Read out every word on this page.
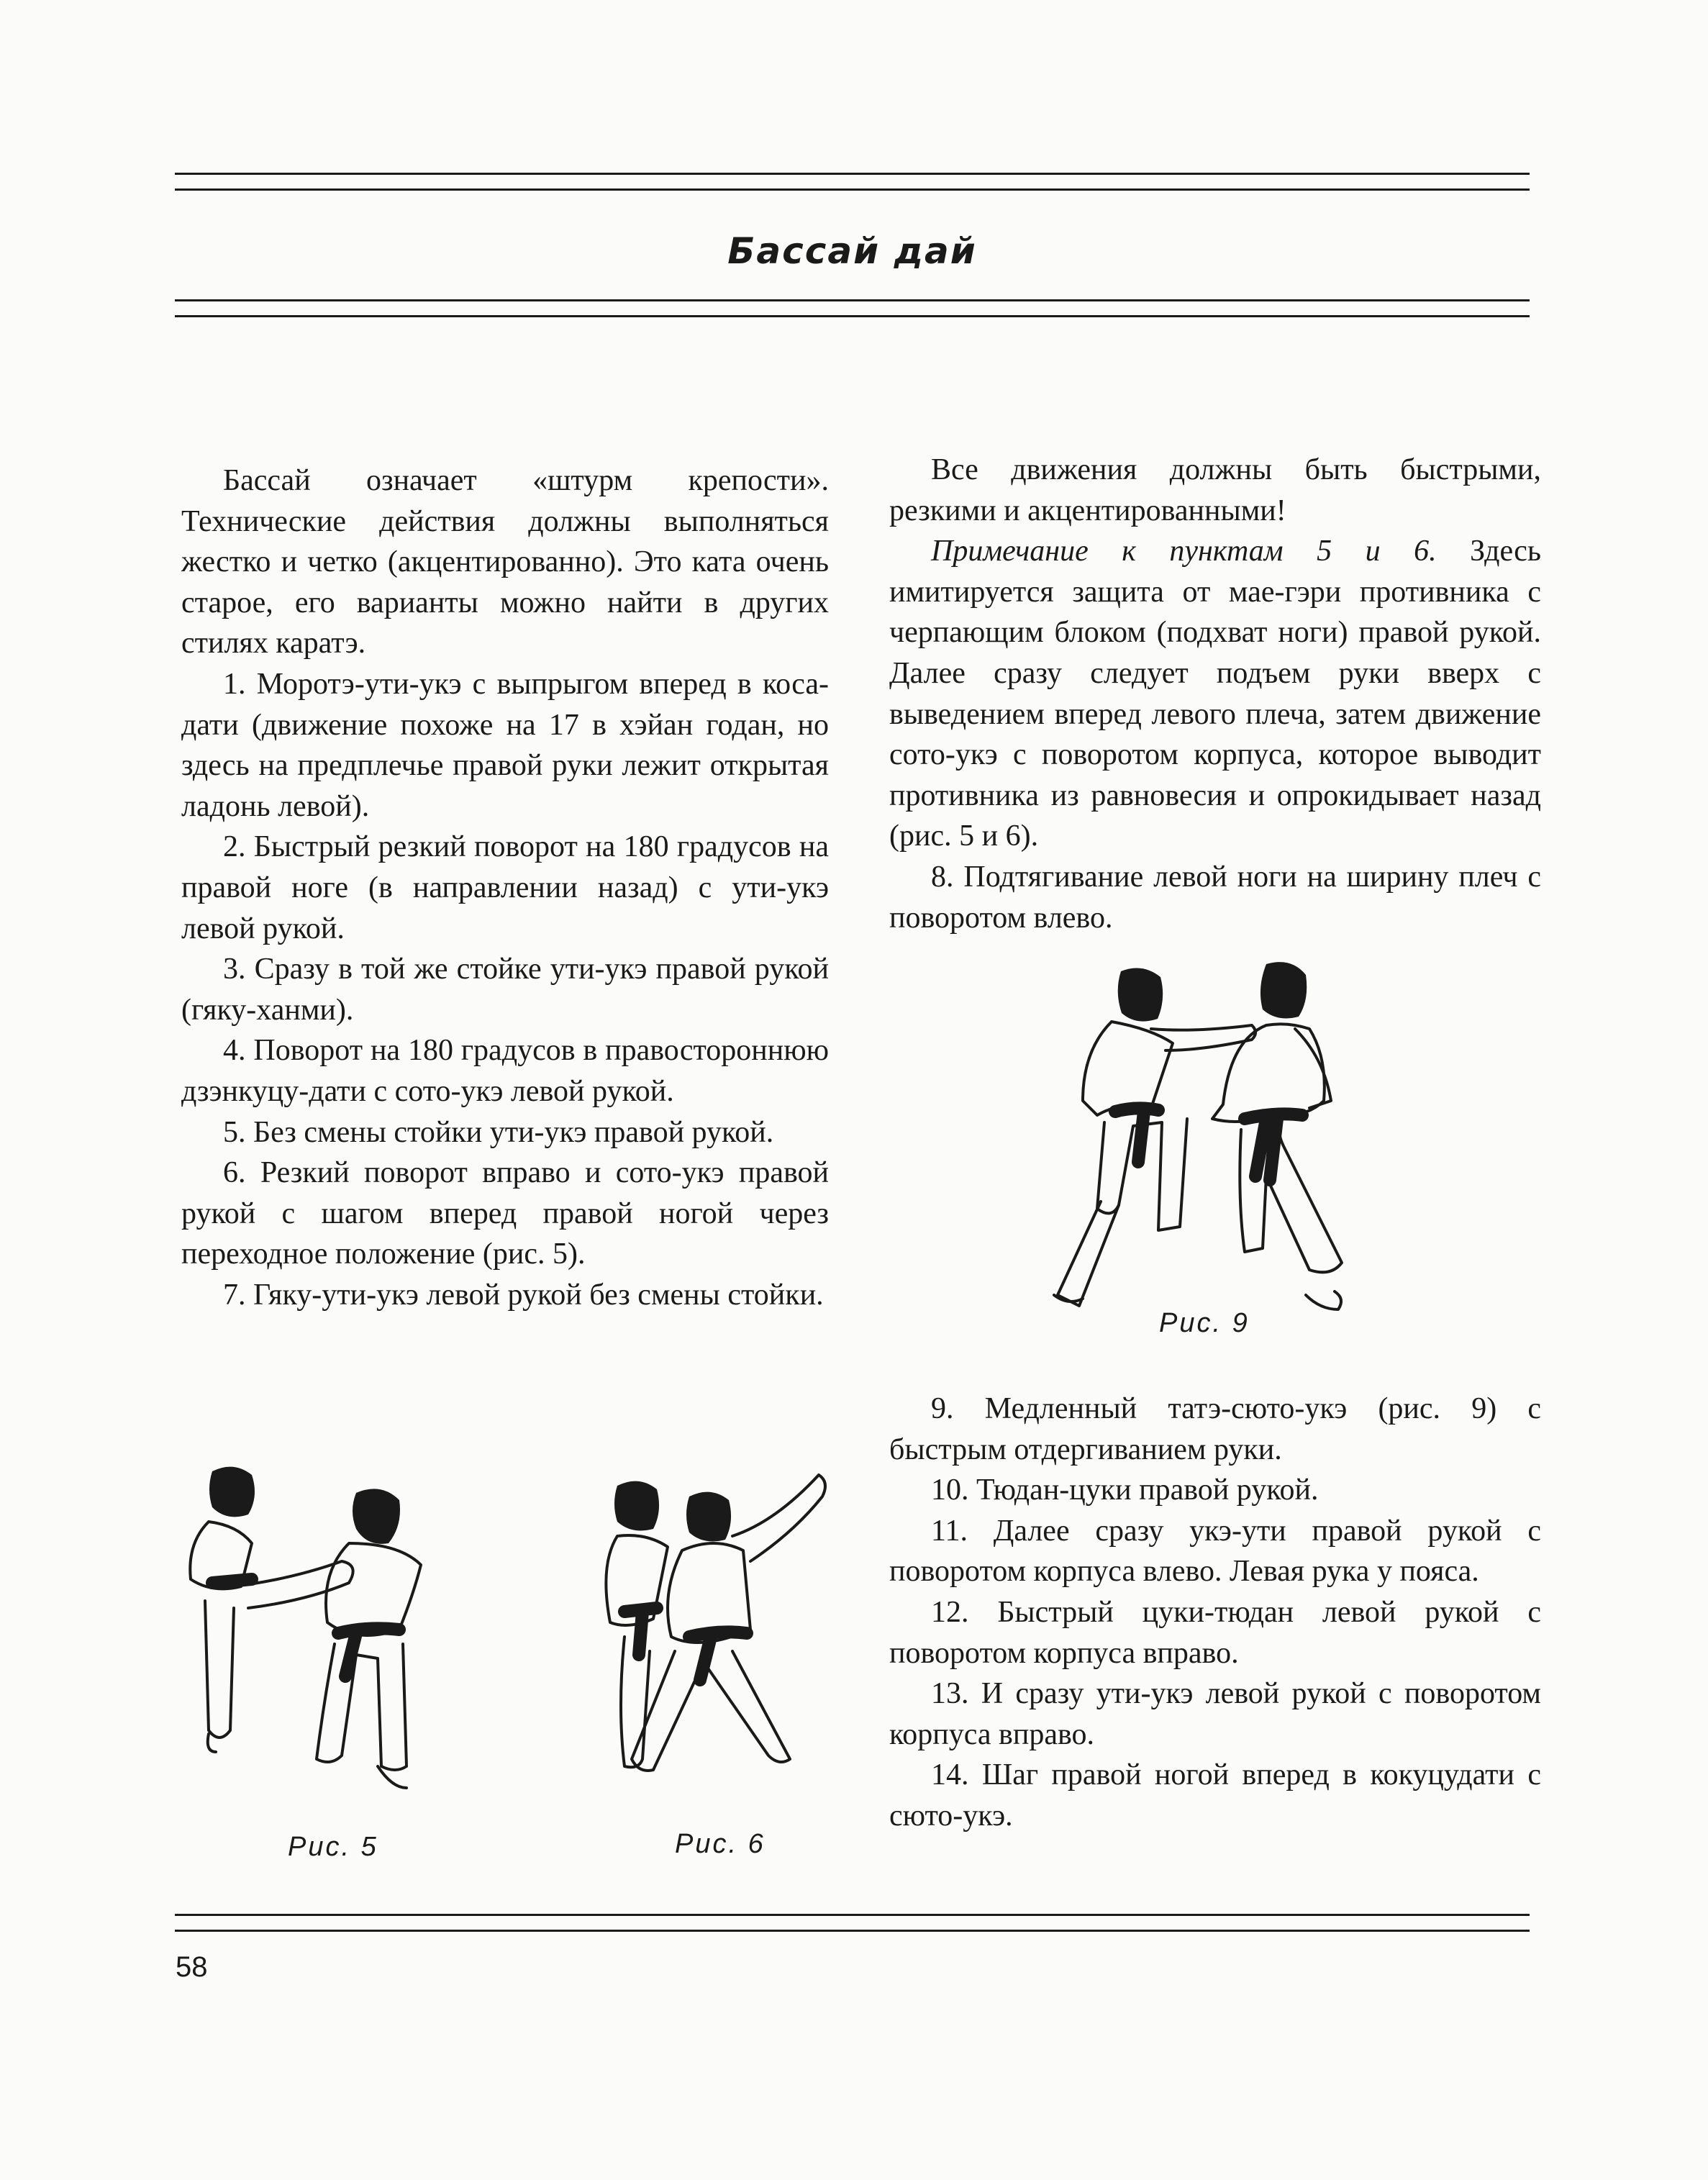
Бассай дай

Бассай означает «штурм крепости». Технические действия должны выполняться жестко и четко (акцентированно). Это ката очень старое, его варианты можно найти в других стилях каратэ.

1. Моротэ-ути-укэ с выпрыгом вперед в коса-дати (движение похоже на 17 в хэйан годан, но здесь на предплечье правой руки лежит открытая ладонь левой).

2. Быстрый резкий поворот на 180 градусов на правой ноге (в направлении назад) с ути-укэ левой рукой.

3. Сразу в той же стойке ути-укэ правой рукой (гяку-ханми).

4. Поворот на 180 градусов в правостороннюю дзэнкуцу-дати с сото-укэ левой рукой.

5. Без смены стойки ути-укэ правой рукой.

6. Резкий поворот вправо и сото-укэ правой рукой с шагом вперед правой ногой через переходное положение (рис. 5).

7. Гяку-ути-укэ левой рукой без смены стойки.

Все движения должны быть быстрыми, резкими и акцентированными!

Примечание к пунктам 5 и 6. Здесь имитируется защита от мае-гэри противника с черпающим блоком (подхват ноги) правой рукой. Далее сразу следует подъем руки вверх с выведением вперед левого плеча, затем движение сото-укэ с поворотом корпуса, которое выводит противника из равновесия и опрокидывает назад (рис. 5 и 6).

8. Подтягивание левой ноги на ширину плеч с поворотом влево.

Рис. 9

9. Медленный татэ-сюто-укэ (рис. 9) с быстрым отдергиванием руки.

10. Тюдан-цуки правой рукой.

11. Далее сразу укэ-ути правой рукой с поворотом корпуса влево. Левая рука у пояса.

12. Быстрый цуки-тюдан левой рукой с поворотом корпуса вправо.

13. И сразу ути-укэ левой рукой с поворотом корпуса вправо.

14. Шаг правой ногой вперед в кокуцудати с сюто-укэ.

Рис. 5	Рис. 6
58
